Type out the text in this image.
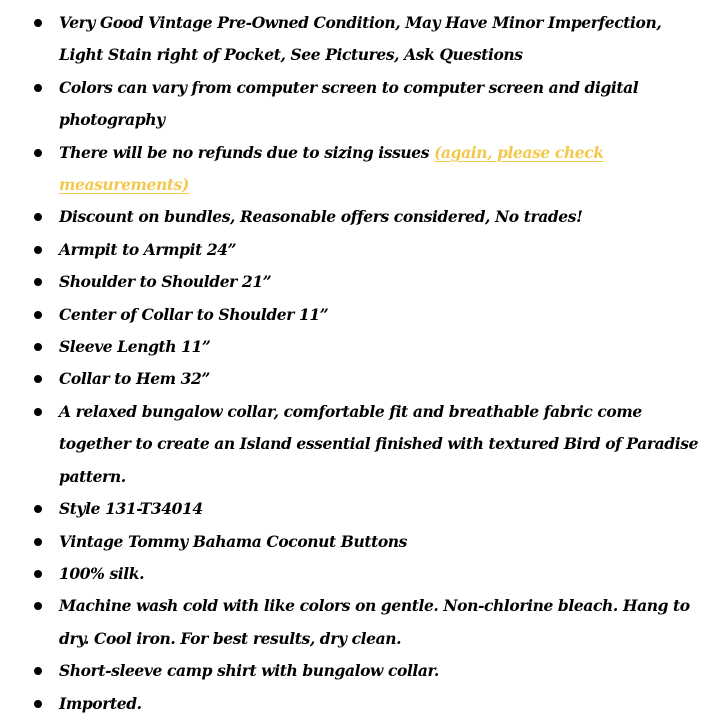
Very Good Vintage Pre-Owned Condition, May Have Minor Imperfection, Light Stain right of Pocket, See Pictures, Ask Questions
Colors can vary from computer screen to computer screen and digital photography
There will be no refunds due to sizing issues (again, please check measurements)
Discount on bundles, Reasonable offers considered, No trades!
Armpit to Armpit 24”
Shoulder to Shoulder 21”
Center of Collar to Shoulder 11”
Sleeve Length 11”
Collar to Hem 32”
A relaxed bungalow collar, comfortable fit and breathable fabric come together to create an Island essential finished with textured Bird of Paradise pattern.
Style 131-T34014
Vintage Tommy Bahama Coconut Buttons
100% silk.
Machine wash cold with like colors on gentle. Non-chlorine bleach. Hang to dry. Cool iron. For best results, dry clean.
Short-sleeve camp shirt with bungalow collar.
Imported.
